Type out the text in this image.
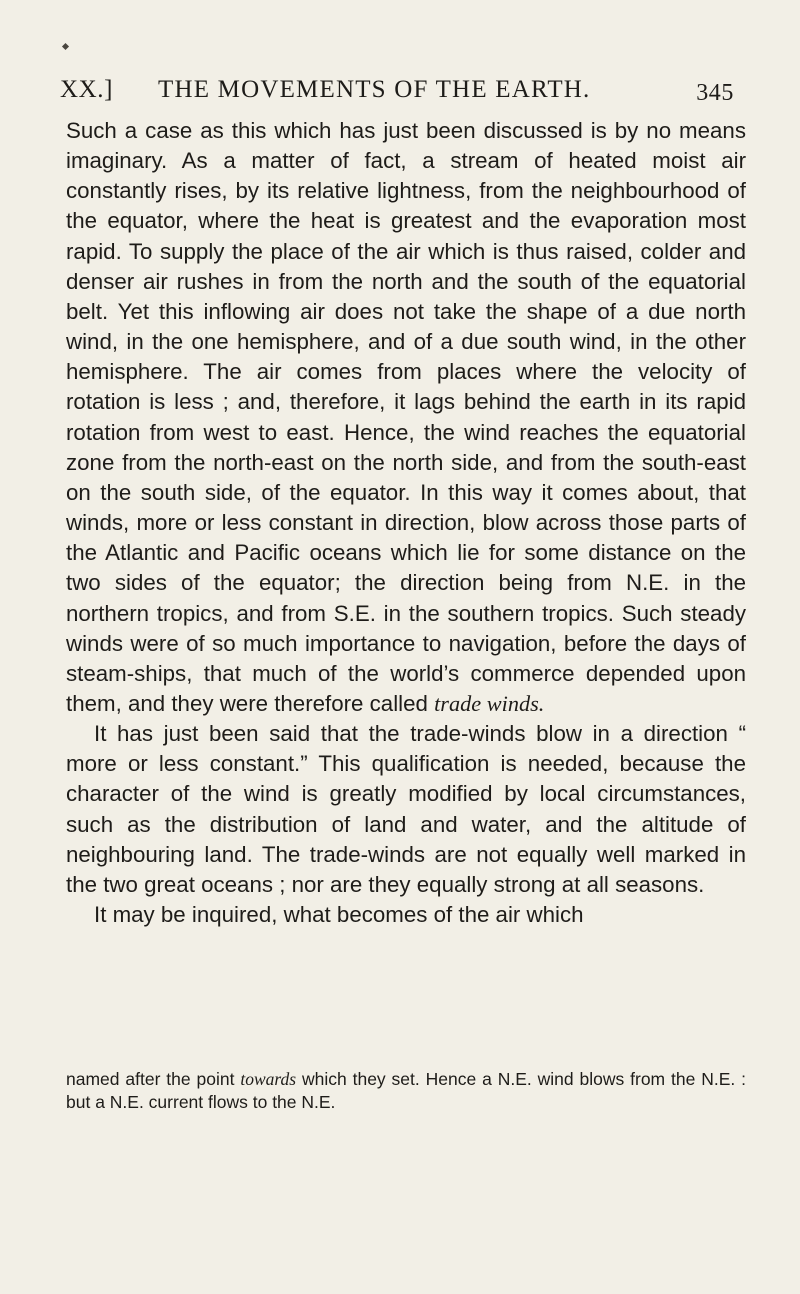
XX.] THE MOVEMENTS OF THE EARTH.	345

Such a case as this which has just been discussed is by no means imaginary. As a matter of fact, a stream of heated moist air constantly rises, by its relative lightness, from the neighbourhood of the equator, where the heat is greatest and the evaporation most rapid. To supply the place of the air which is thus raised, colder and denser air rushes in from the north and the south of the equatorial belt. Yet this inflowing air does not take the shape of a due north wind, in the one hemisphere, and of a due south wind, in the other hemisphere. The air comes from places where the velocity of rotation is less ; and, therefore, it lags behind the earth in its rapid rotation from west to east. Hence, the wind reaches the equatorial zone from the north-east on the north side, and from the south-east on the south side, of the equator. In this way it comes about, that winds, more or less constant in direction, blow across those parts of the Atlantic and Pacific oceans which lie for some distance on the two sides of the equator; the direction being from N.E. in the northern tropics, and from S.E. in the southern tropics. Such steady winds were of so much importance to navigation, before the days of steam-ships, that much of the world’s commerce depended upon them, and they were therefore called trade winds.

It has just been said that the trade-winds blow in a direction “ more or less constant.” This qualification is needed, because the character of the wind is greatly modified by local circumstances, such as the distribution of land and water, and the altitude of neighbouring land. The trade-winds are not equally well marked in the two great oceans ; nor are they equally strong at all seasons.

It may be inquired, what becomes of the air which

named after the point towards which they set. Hence a N.E. wind blows from the N.E. : but a N.E. current flows to the N.E.
